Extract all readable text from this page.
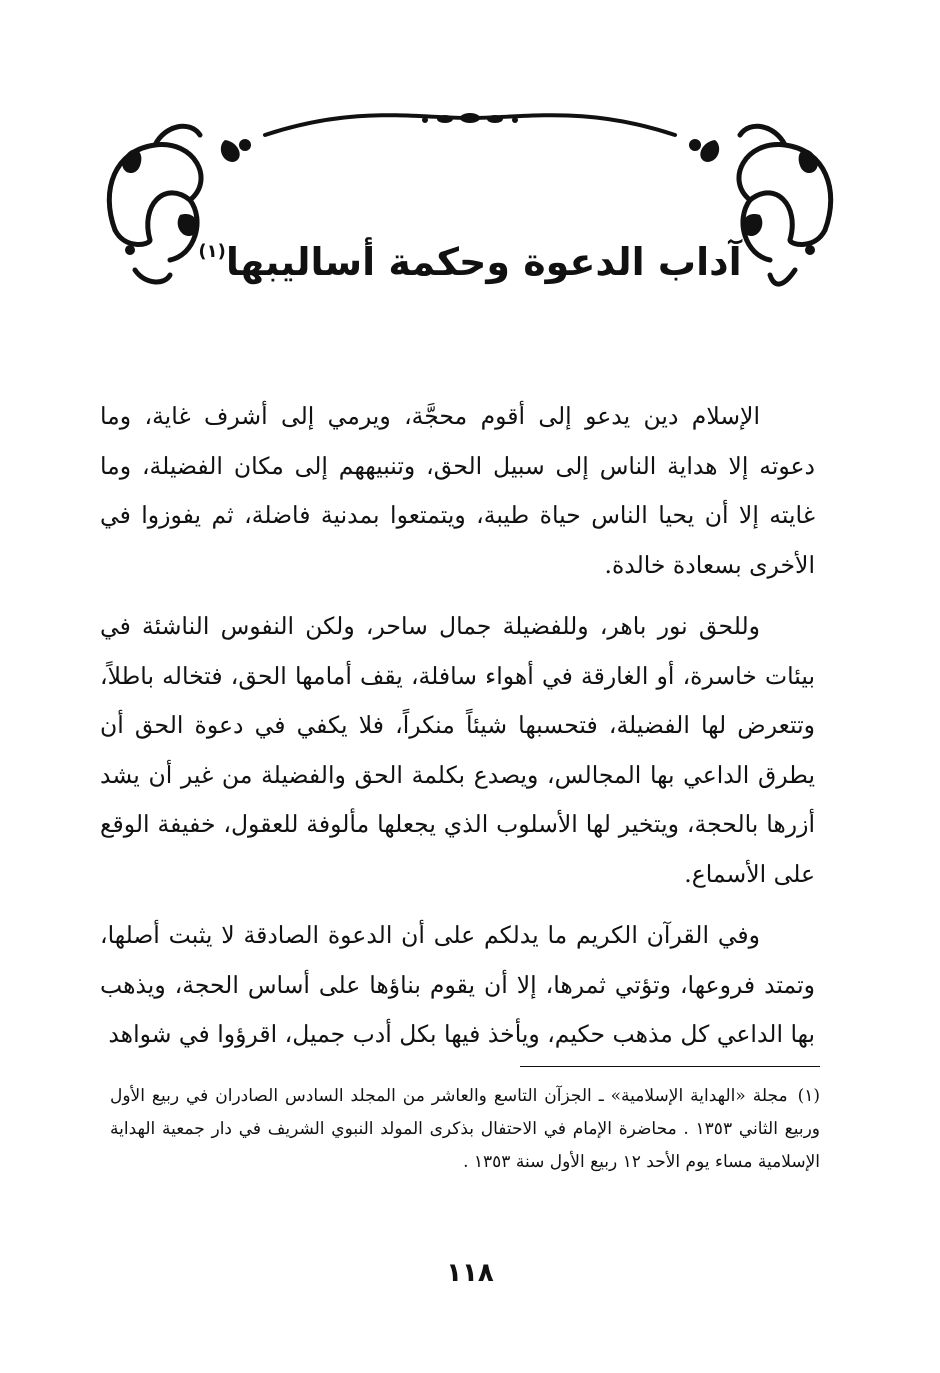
آداب الدعوة وحكمة أساليبها$^{(١)}$

الإسلام دين يدعو إلى أقوم محجَّة، ويرمي إلى أشرف غاية، وما دعوته إلا هداية الناس إلى سبيل الحق، وتنبيههم إلى مكان الفضيلة، وما غايته إلا أن يحيا الناس حياة طيبة، ويتمتعوا بمدنية فاضلة، ثم يفوزوا في الأخرى بسعادة خالدة.

وللحق نور باهر، وللفضيلة جمال ساحر، ولكن النفوس الناشئة في بيئات خاسرة، أو الغارقة في أهواء سافلة، يقف أمامها الحق، فتخاله باطلاً، وتتعرض لها الفضيلة، فتحسبها شيئاً منكراً، فلا يكفي في دعوة الحق أن يطرق الداعي بها المجالس، ويصدع بكلمة الحق والفضيلة من غير أن يشد أزرها بالحجة، ويتخير لها الأسلوب الذي يجعلها مألوفة للعقول، خفيفة الوقع على الأسماع.

وفي القرآن الكريم ما يدلكم على أن الدعوة الصادقة لا يثبت أصلها، وتمتد فروعها، وتؤتي ثمرها، إلا أن يقوم بناؤها على أساس الحجة، ويذهب بها الداعي كل مذهب حكيم، ويأخذ فيها بكل أدب جميل، اقرؤوا في شواهد

(١)مجلة «الهداية الإسلامية» ـ الجزآن التاسع والعاشر من المجلد السادس الصادران في ربيع الأول وربيع الثاني ١٣٥٣ . محاضرة الإمام في الاحتفال بذكرى المولد النبوي الشريف في دار جمعية الهداية الإسلامية مساء يوم الأحد ١٢ ربيع الأول سنة ١٣٥٣ .
١١٨
